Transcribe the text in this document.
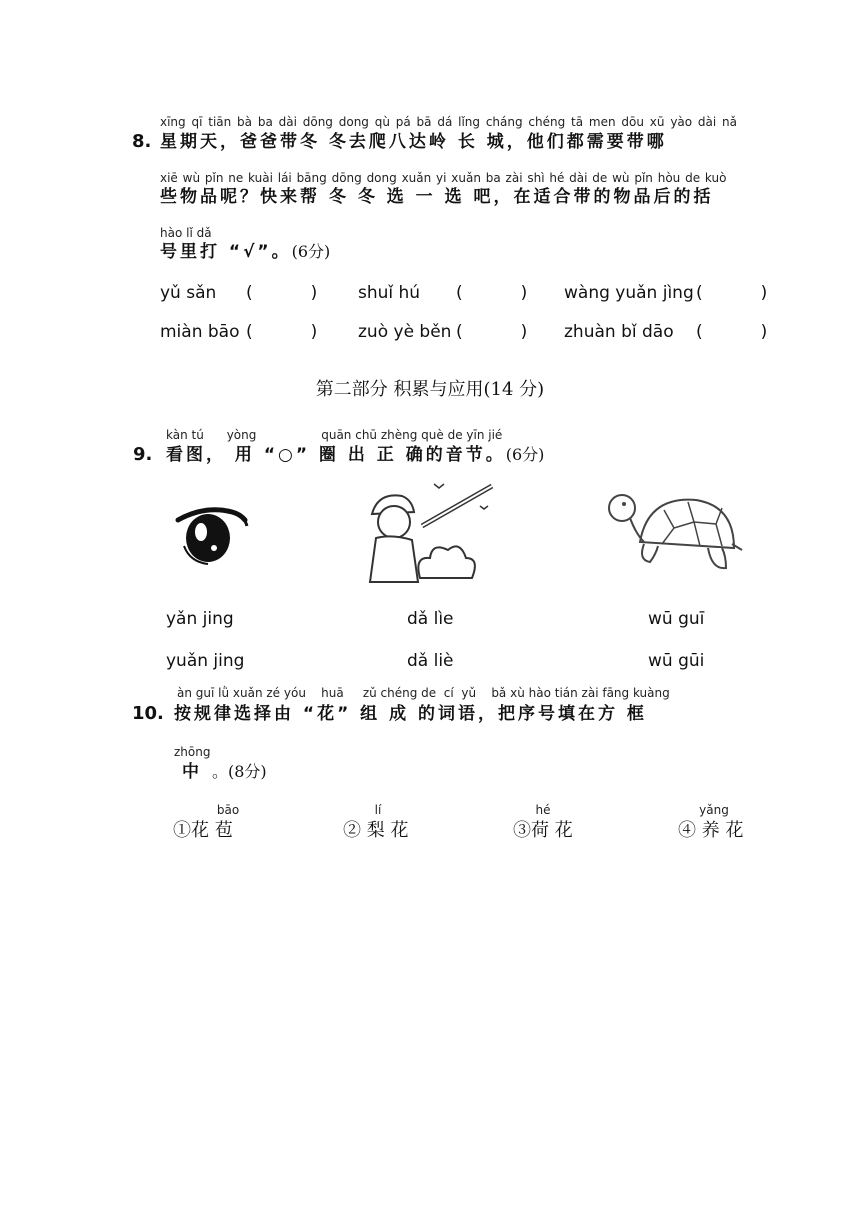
xīng qī tiān bà ba dài dōng dong qù pá bā dá lǐng cháng chéng tā men dōu xū yào dài nǎ
8. 星期天，爸爸带冬 冬去爬八达岭 长 城，他们都需要带哪
xiē wù pǐn ne kuài lái bāng dōng dong xuǎn yi xuǎn ba zài shì hé dài de wù pǐn hòu de kuò
些物品呢？快来帮 冬 冬 选 一 选 吧，在适合带的物品后的括
hào lǐ dǎ
号里打 “√”。(6分)
yǔ sǎn (　　) shuǐ hú (　　) wàng yuǎn jìng (　　)
miàn bāo (　　) zuò yè běn (　　) zhuàn bǐ dāo (　　)
第二部分 积累与应用(14 分)
kàn tú      yòng                 quān chū zhèng què de yīn jié
9. 看图， 用 “○” 圈 出 正 确的音节。(6分)
yǎn jing	dǎ lìe	wū guī
yuǎn jing	dǎ liè	wū gūi
àn guī lǜ xuǎn zé yóu    huā     zǔ chéng de  cí  yǔ    bǎ xù hào tián zài fāng kuàng
10. 按规律选择由 “花” 组 成 的词语，把序号填在方 框
zhōng
中 。(8分)
bāo
①花 苞
lí
② 梨 花
hé
③荷 花
yǎng
④ 养 花
